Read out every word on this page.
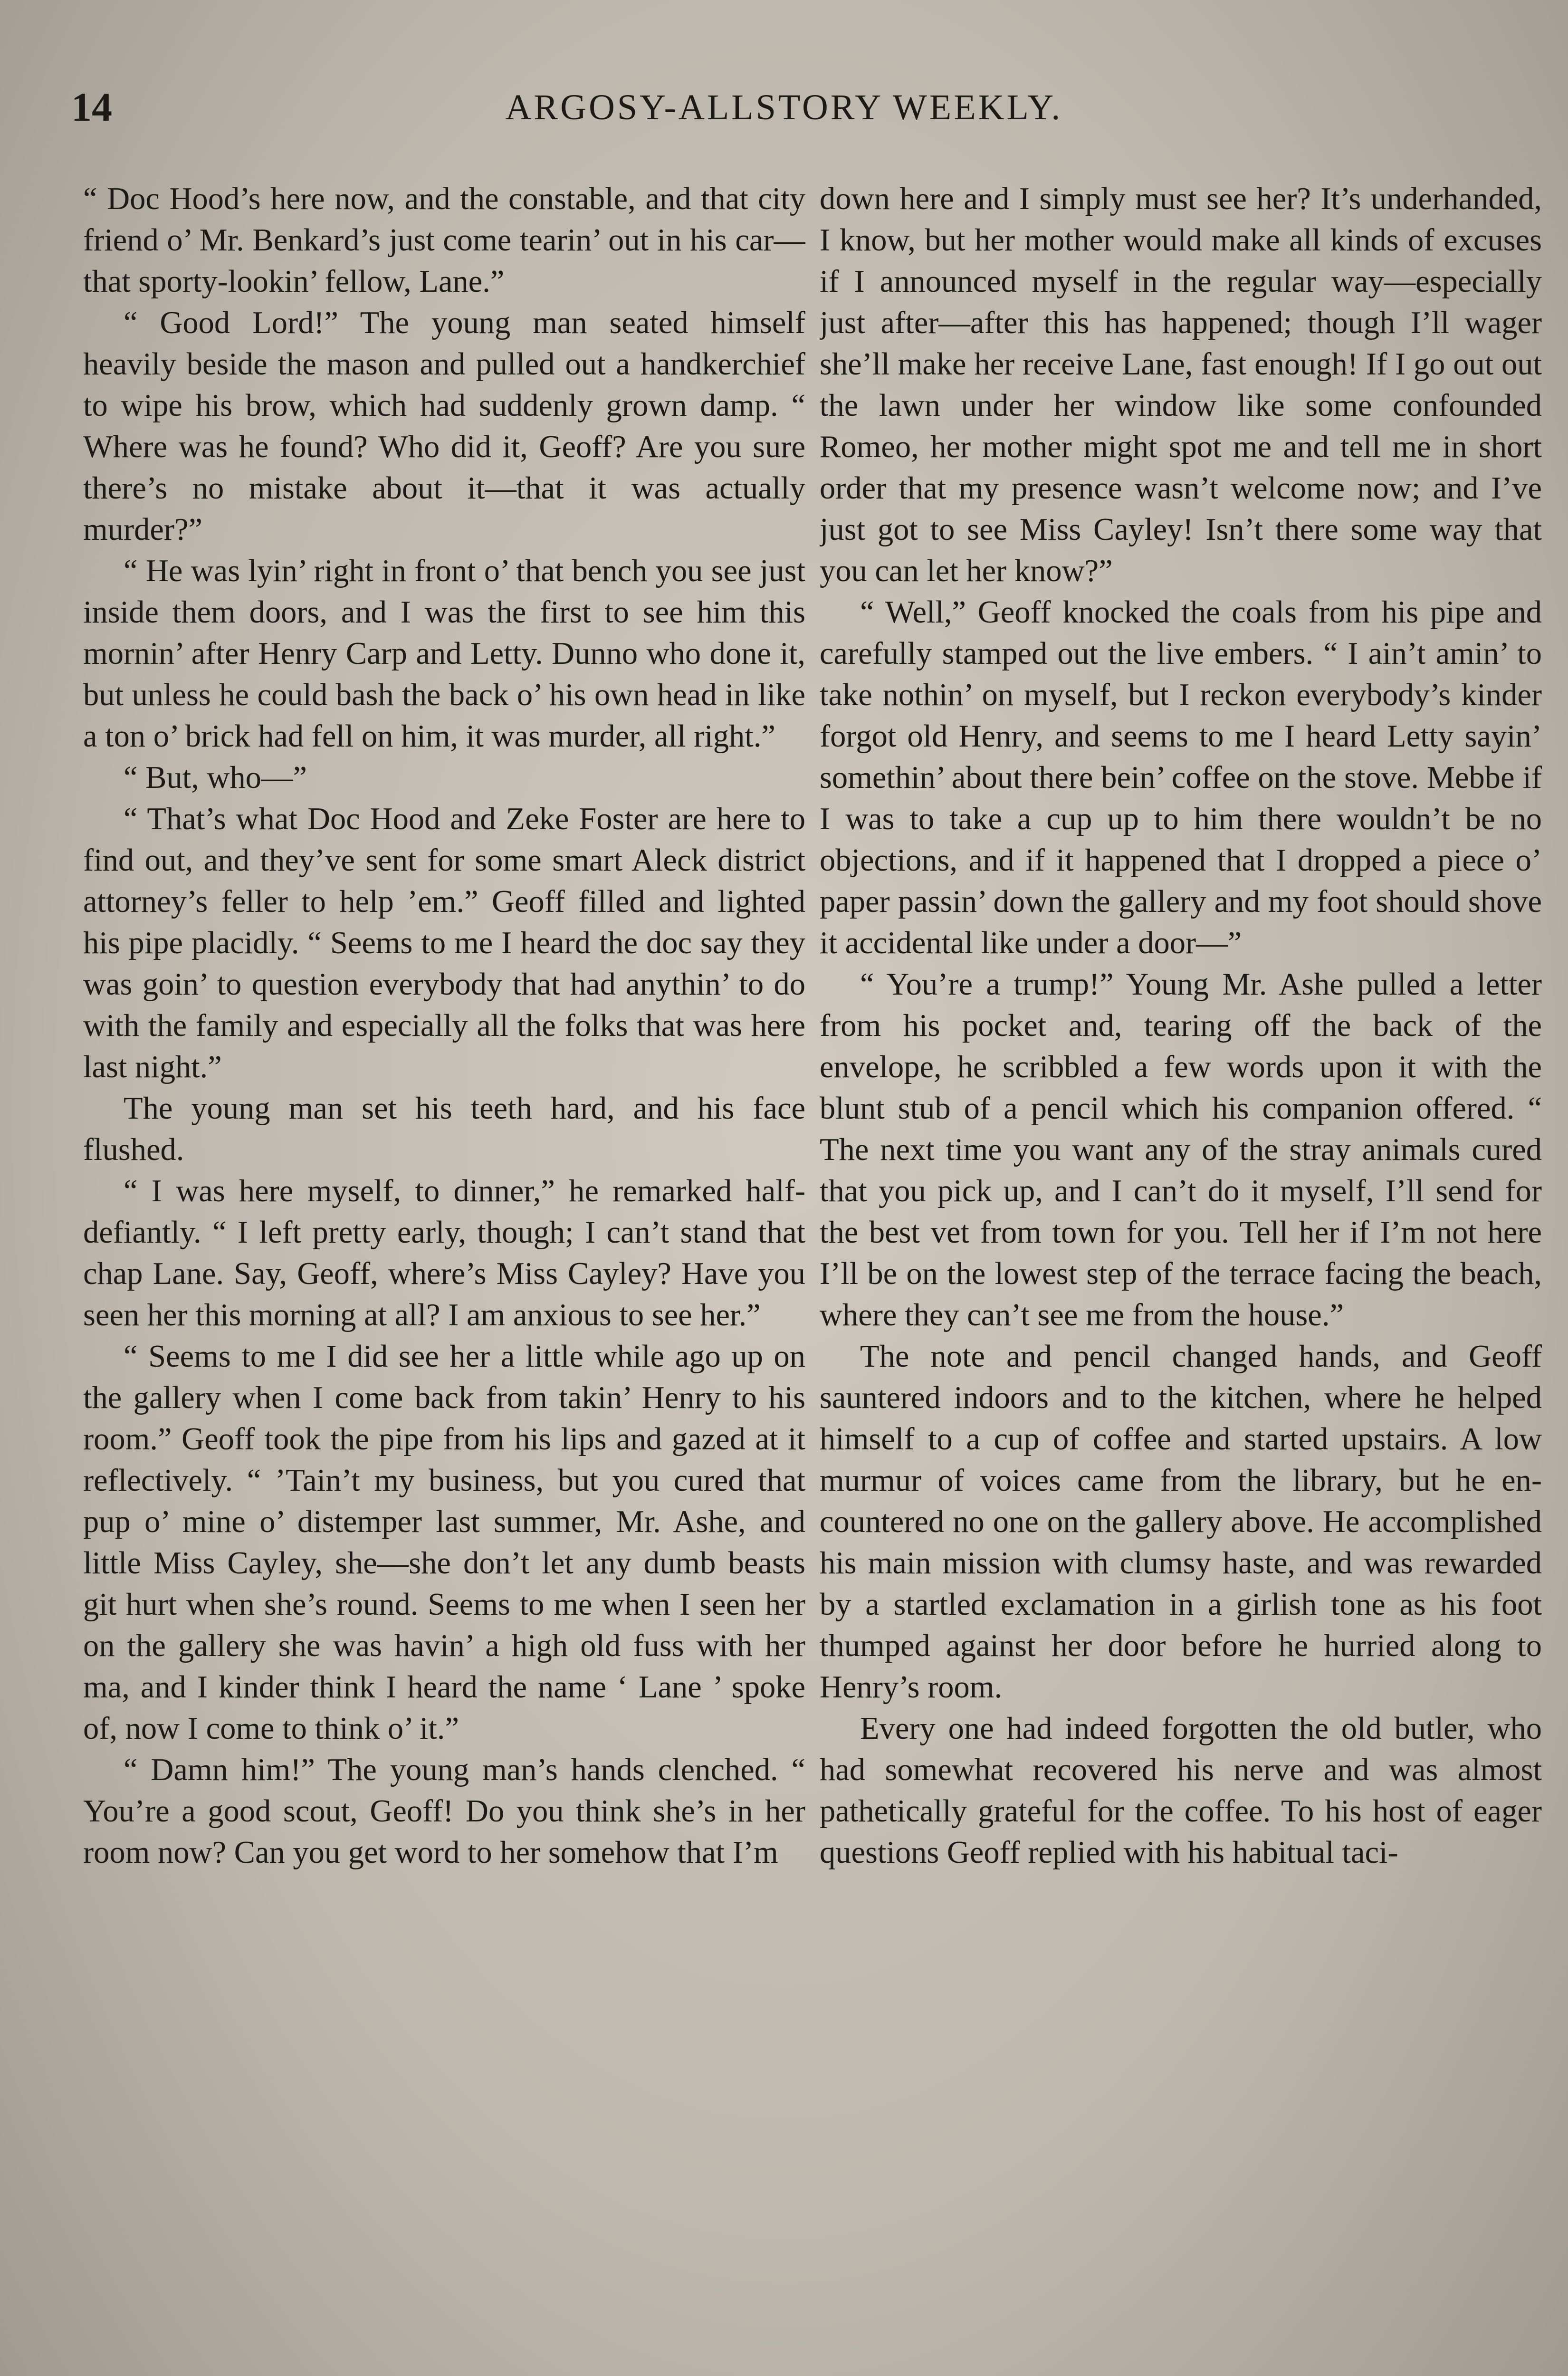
14	ARGOSY-ALLSTORY WEEKLY.

“ Doc Hood’s here now, and the constable, and that city friend o’ Mr. Benkard’s just come tearin’ out in his car—that sporty-lookin’ fellow, Lane.”

“ Good Lord!” The young man seated himself heavily beside the mason and pulled out a handkerchief to wipe his brow, which had suddenly grown damp. “ Where was he found? Who did it, Geoff? Are you sure there’s no mistake about it—that it was actually murder?”

“ He was lyin’ right in front o’ that bench you see just inside them doors, and I was the first to see him this mornin’ after Henry Carp and Letty. Dunno who done it, but unless he could bash the back o’ his own head in like a ton o’ brick had fell on him, it was murder, all right.”

“ But, who—”

“ That’s what Doc Hood and Zeke Foster are here to find out, and they’ve sent for some smart Aleck district attorney’s feller to help ’em.” Geoff filled and lighted his pipe placidly. “ Seems to me I heard the doc say they was goin’ to question everybody that had anythin’ to do with the family and especially all the folks that was here last night.”

The young man set his teeth hard, and his face flushed.

“ I was here myself, to dinner,” he remarked half-defiantly. “ I left pretty early, though; I can’t stand that chap Lane. Say, Geoff, where’s Miss Cayley? Have you seen her this morning at all? I am anxious to see her.”

“ Seems to me I did see her a little while ago up on the gallery when I come back from takin’ Henry to his room.” Geoff took the pipe from his lips and gazed at it reflectively. “ ’Tain’t my business, but you cured that pup o’ mine o’ distemper last summer, Mr. Ashe, and little Miss Cayley, she—she don’t let any dumb beasts git hurt when she’s round. Seems to me when I seen her on the gallery she was havin’ a high old fuss with her ma, and I kinder think I heard the name ‘ Lane ’ spoke of, now I come to think o’ it.”

“ Damn him!” The young man’s hands clenched. “ You’re a good scout, Geoff! Do you think she’s in her room now? Can you get word to her somehow that I’m

down here and I simply must see her? It’s underhanded, I know, but her mother would make all kinds of excuses if I announced myself in the regular way—especially just after—after this has happened; though I’ll wager she’ll make her receive Lane, fast enough! If I go out out the lawn under her window like some confounded Romeo, her mother might spot me and tell me in short order that my presence wasn’t welcome now; and I’ve just got to see Miss Cayley! Isn’t there some way that you can let her know?”

“ Well,” Geoff knocked the coals from his pipe and carefully stamped out the live embers. “ I ain’t amin’ to take nothin’ on myself, but I reckon everybody’s kinder forgot old Henry, and seems to me I heard Letty sayin’ somethin’ about there bein’ coffee on the stove. Mebbe if I was to take a cup up to him there wouldn’t be no objections, and if it happened that I dropped a piece o’ paper passin’ down the gallery and my foot should shove it accidental like under a door—”

“ You’re a trump!” Young Mr. Ashe pulled a letter from his pocket and, tearing off the back of the envelope, he scribbled a few words upon it with the blunt stub of a pencil which his companion offered. “ The next time you want any of the stray animals cured that you pick up, and I can’t do it myself, I’ll send for the best vet from town for you. Tell her if I’m not here I’ll be on the lowest step of the terrace facing the beach, where they can’t see me from the house.”

The note and pencil changed hands, and Geoff sauntered indoors and to the kitchen, where he helped himself to a cup of coffee and started upstairs. A low murmur of voices came from the library, but he encountered no one on the gallery above. He accomplished his main mission with clumsy haste, and was rewarded by a startled exclamation in a girlish tone as his foot thumped against her door before he hurried along to Henry’s room.

Every one had indeed forgotten the old butler, who had somewhat recovered his nerve and was almost pathetically grateful for the coffee. To his host of eager questions Geoff replied with his habitual taci-
